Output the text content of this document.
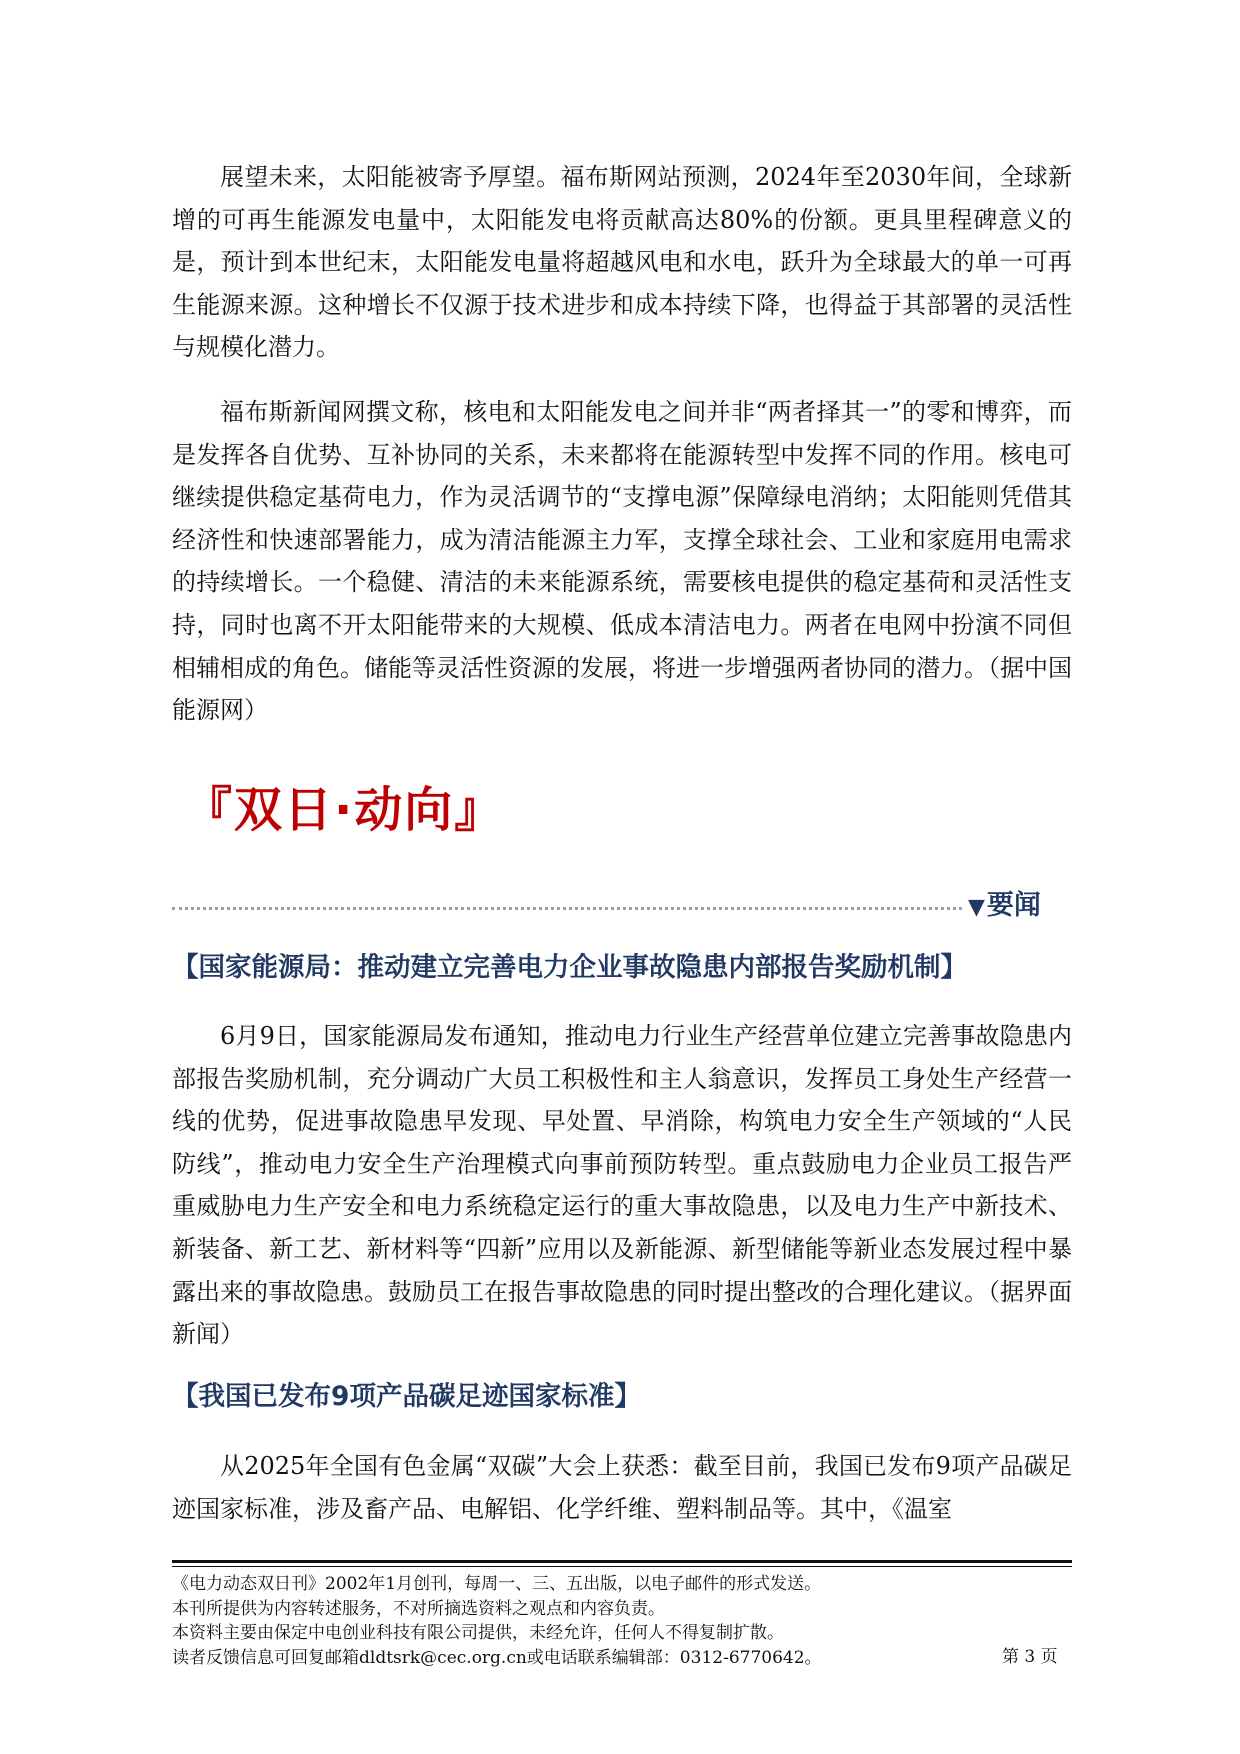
展望未来，太阳能被寄予厚望。福布斯网站预测，2024年至2030年间，全球新增的可再生能源发电量中，太阳能发电将贡献高达80%的份额。更具里程碑意义的是，预计到本世纪末，太阳能发电量将超越风电和水电，跃升为全球最大的单一可再生能源来源。这种增长不仅源于技术进步和成本持续下降，也得益于其部署的灵活性与规模化潜力。

福布斯新闻网撰文称，核电和太阳能发电之间并非“两者择其一”的零和博弈，而是发挥各自优势、互补协同的关系，未来都将在能源转型中发挥不同的作用。核电可继续提供稳定基荷电力，作为灵活调节的“支撑电源”保障绿电消纳；太阳能则凭借其经济性和快速部署能力，成为清洁能源主力军，支撑全球社会、工业和家庭用电需求的持续增长。一个稳健、清洁的未来能源系统，需要核电提供的稳定基荷和灵活性支持，同时也离不开太阳能带来的大规模、低成本清洁电力。两者在电网中扮演不同但相辅相成的角色。储能等灵活性资源的发展，将进一步增强两者协同的潜力。（据中国能源网）

『双日·动向』
▼要闻
【国家能源局：推动建立完善电力企业事故隐患内部报告奖励机制】

6月9日，国家能源局发布通知，推动电力行业生产经营单位建立完善事故隐患内部报告奖励机制，充分调动广大员工积极性和主人翁意识，发挥员工身处生产经营一线的优势，促进事故隐患早发现、早处置、早消除，构筑电力安全生产领域的“人民防线”，推动电力安全生产治理模式向事前预防转型。重点鼓励电力企业员工报告严重威胁电力生产安全和电力系统稳定运行的重大事故隐患，以及电力生产中新技术、新装备、新工艺、新材料等“四新”应用以及新能源、新型储能等新业态发展过程中暴露出来的事故隐患。鼓励员工在报告事故隐患的同时提出整改的合理化建议。（据界面新闻）

【我国已发布9项产品碳足迹国家标准】

从2025年全国有色金属“双碳”大会上获悉：截至目前，我国已发布9项产品碳足迹国家标准，涉及畜产品、电解铝、化学纤维、塑料制品等。其中，《温室

《电力动态双日刊》2002年1月创刊，每周一、三、五出版，以电子邮件的形式发送。
本刊所提供为内容转述服务，不对所摘选资料之观点和内容负责。
本资料主要由保定中电创业科技有限公司提供，未经允许，任何人不得复制扩散。
读者反馈信息可回复邮箱dldtsrk@cec.org.cn或电话联系编辑部：0312-6770642。	第 3 页
